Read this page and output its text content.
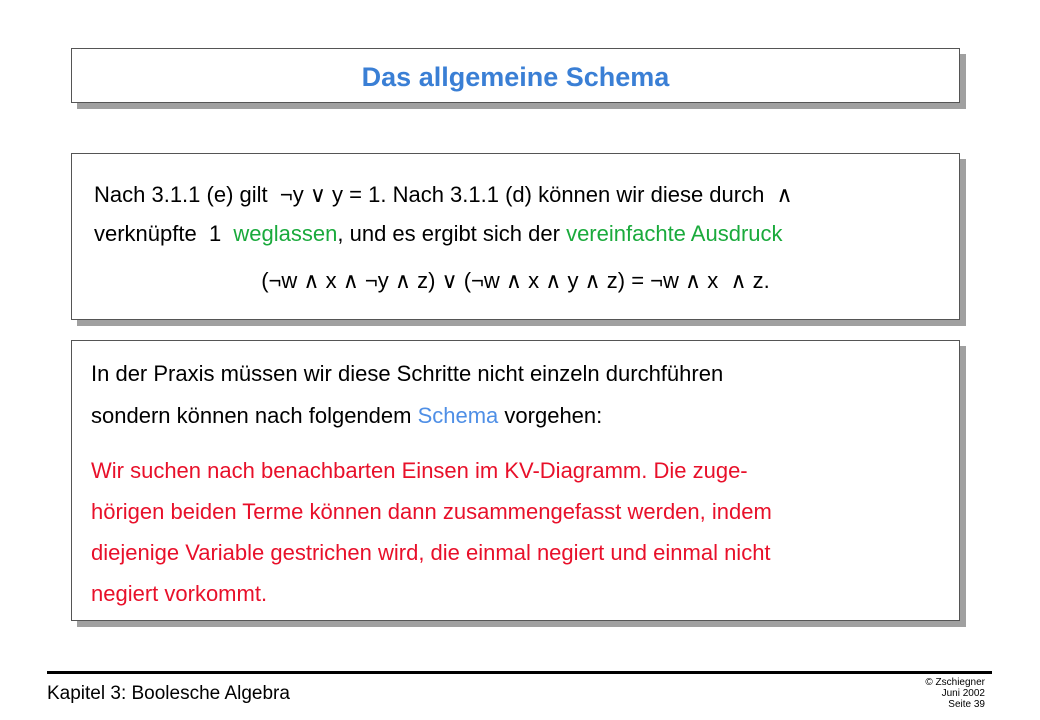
Das allgemeine Schema
Nach 3.1.1 (e) gilt  ¬y ∨ y = 1. Nach 3.1.1 (d) können wir diese durch  ∧
verknüpfte  1  weglassen, und es ergibt sich der vereinfachte Ausdruck
(¬w ∧ x ∧ ¬y ∧ z) ∨ (¬w ∧ x ∧ y ∧ z) = ¬w ∧ x  ∧ z.
In der Praxis müssen wir diese Schritte nicht einzeln durchführen
sondern können nach folgendem Schema vorgehen:
Wir suchen nach benachbarten Einsen im KV-Diagramm. Die zuge-
hörigen beiden Terme können dann zusammengefasst werden, indem
diejenige Variable gestrichen wird, die einmal negiert und einmal nicht
negiert vorkommt.
Kapitel 3: Boolesche Algebra
© Zschiegner
Juni 2002
Seite 39
